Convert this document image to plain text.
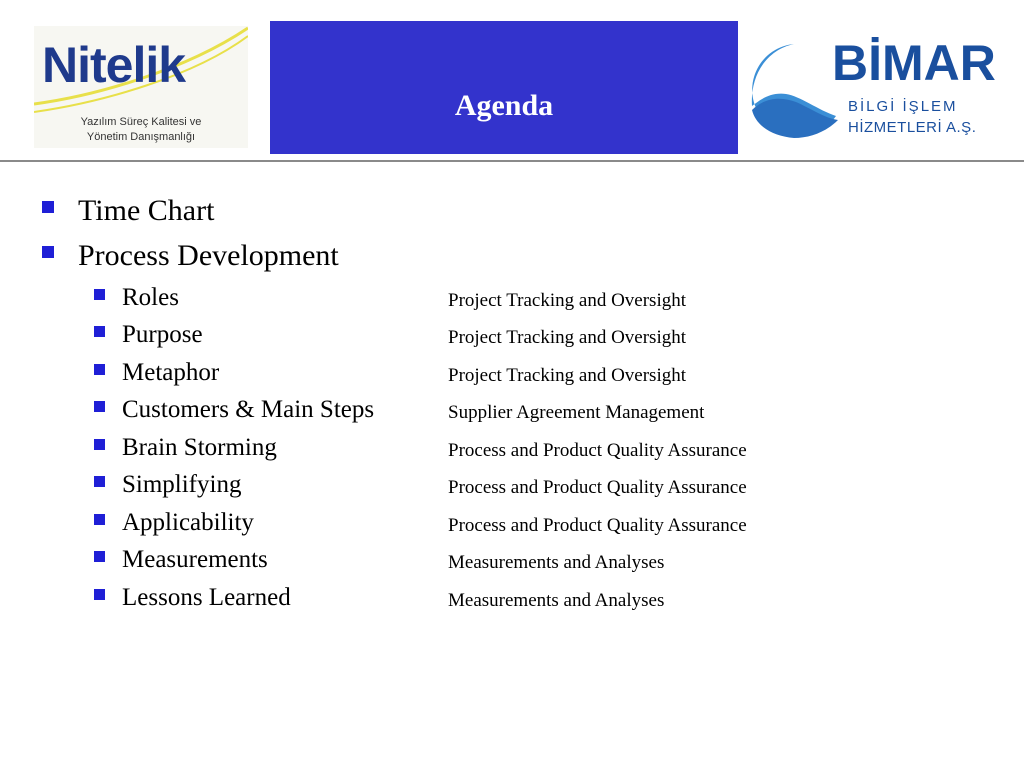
Nitelik
Yazılım Süreç Kalitesi ve
Yönetim Danışmanlığı
Agenda
BİMAR
BİLGİ İŞLEM
HİZMETLERİ A.Ş.
Time Chart
Process Development
Roles	Project Tracking and Oversight
Purpose	Project Tracking and Oversight
Metaphor	Project Tracking and Oversight
Customers & Main Steps	Supplier Agreement Management
Brain Storming	Process and Product Quality Assurance
Simplifying	Process and Product Quality Assurance
Applicability	Process and Product Quality Assurance
Measurements	Measurements and Analyses
Lessons Learned	Measurements and Analyses
